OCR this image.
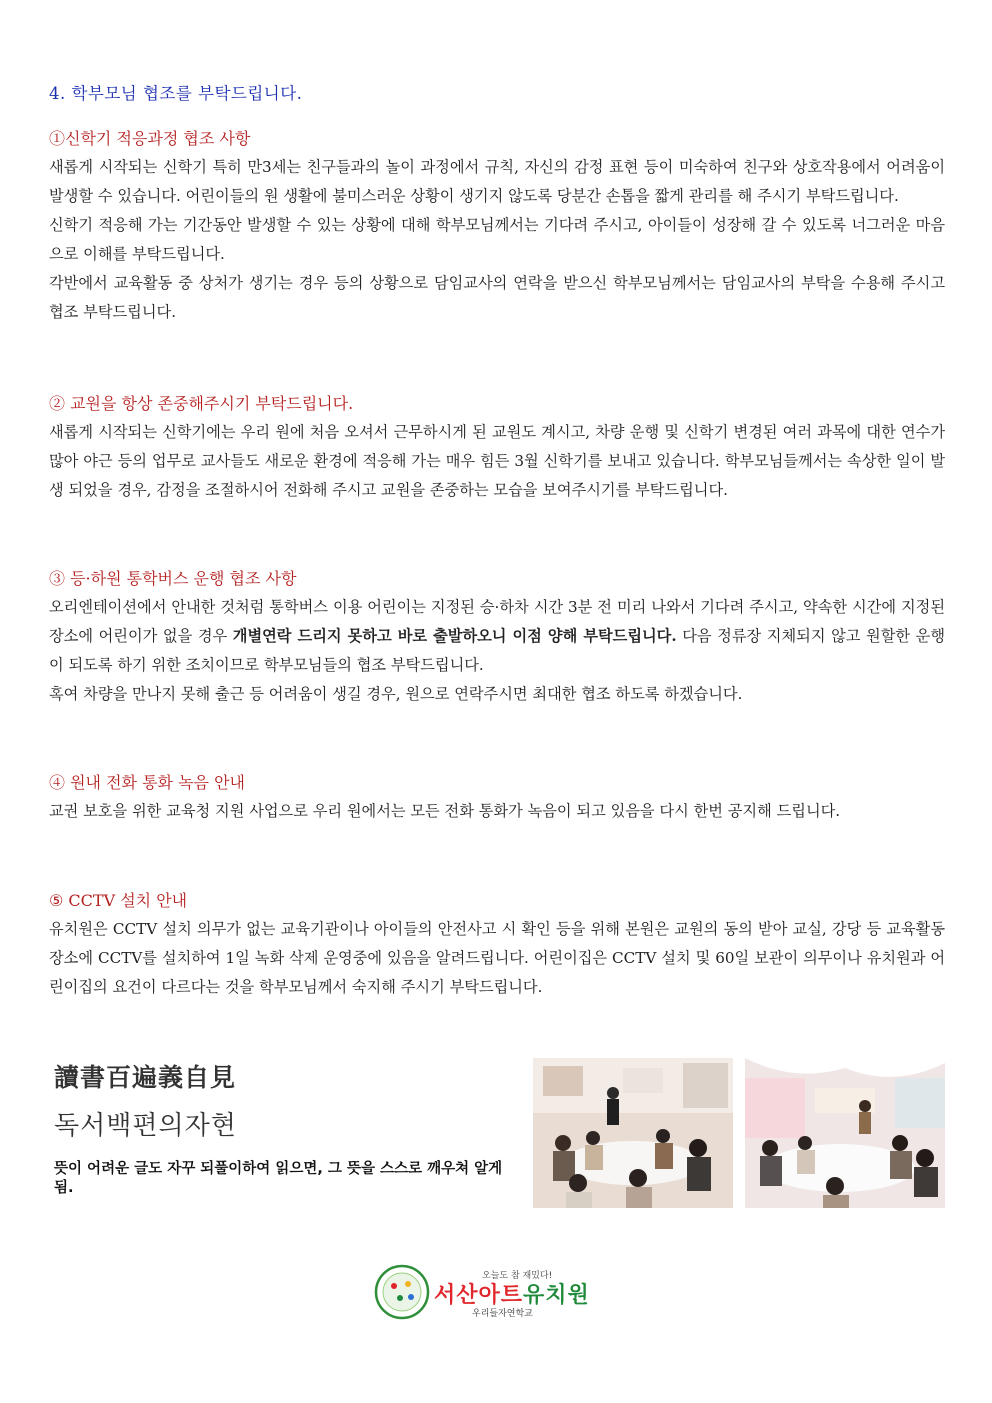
4. 학부모님 협조를 부탁드립니다.
①신학기 적응과정 협조 사항

새롭게 시작되는 신학기 특히 만3세는 친구들과의 놀이 과정에서 규칙, 자신의 감정 표현 등이 미숙하여 친구와 상호작용에서 어려움이 발생할 수 있습니다. 어린이들의 원 생활에 불미스러운 상황이 생기지 않도록 당분간 손톱을 짧게 관리를 해 주시기 부탁드립니다.

신학기 적응해 가는 기간동안 발생할 수 있는 상황에 대해 학부모님께서는 기다려 주시고, 아이들이 성장해 갈 수 있도록 너그러운 마음으로 이해를 부탁드립니다.

각반에서 교육활동 중 상처가 생기는 경우 등의 상황으로 담임교사의 연락을 받으신 학부모님께서는 담임교사의 부탁을 수용해 주시고 협조 부탁드립니다.

② 교원을 항상 존중해주시기 부탁드립니다.

새롭게 시작되는 신학기에는 우리 원에 처음 오셔서 근무하시게 된 교원도 계시고, 차량 운행 및 신학기 변경된 여러 과목에 대한 연수가 많아 야근 등의 업무로 교사들도 새로운 환경에 적응해 가는 매우 힘든 3월 신학기를 보내고 있습니다. 학부모님들께서는 속상한 일이 발생 되었을 경우, 감정을 조절하시어 전화해 주시고 교원을 존중하는 모습을 보여주시기를 부탁드립니다.

③ 등·하원 통학버스 운행 협조 사항

오리엔테이션에서 안내한 것처럼 통학버스 이용 어린이는 지정된 승·하차 시간 3분 전 미리 나와서 기다려 주시고, 약속한 시간에 지정된 장소에 어린이가 없을 경우 개별연락 드리지 못하고 바로 출발하오니 이점 양해 부탁드립니다. 다음 정류장 지체되지 않고 원할한 운행이 되도록 하기 위한 조치이므로 학부모님들의 협조 부탁드립니다.

혹여 차량을 만나지 못해 출근 등 어려움이 생길 경우, 원으로 연락주시면 최대한 협조 하도록 하겠습니다.

④ 원내 전화 통화 녹음 안내

교권 보호을 위한 교육청 지원 사업으로 우리 원에서는 모든 전화 통화가 녹음이 되고 있음을 다시 한번 공지해 드립니다.

⑤ CCTV 설치 안내

유치원은 CCTV 설치 의무가 없는 교육기관이나 아이들의 안전사고 시 확인 등을 위해 본원은 교원의 동의 받아 교실, 강당 등 교육활동 장소에 CCTV를 설치하여 1일 녹화 삭제 운영중에 있음을 알려드립니다. 어린이집은 CCTV 설치 및 60일 보관이 의무이나 유치원과 어린이집의 요건이 다르다는 것을 학부모님께서 숙지해 주시기 부탁드립니다.

讀書百遍義自見
독서백편의자현
뜻이 어려운 글도 자꾸 되풀이하여 읽으면, 그 뜻을 스스로 깨우쳐 알게 됨.
오늘도 참 재밌다!
서산아트유치원
우리들자연학교
